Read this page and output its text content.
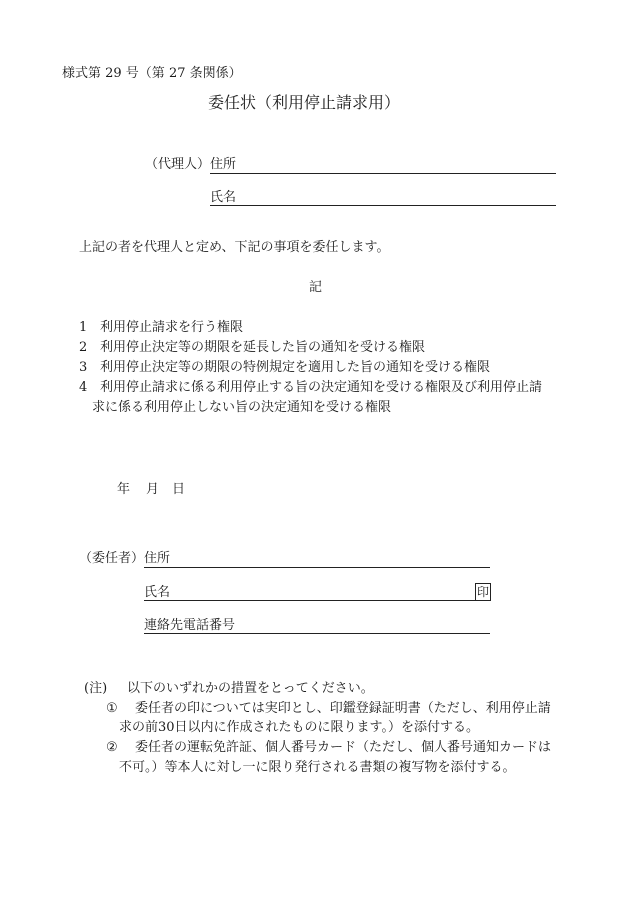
様式第 29 号（第 27 条関係）
委任状（利用停止請求用）
（代理人） 住所
氏名
上記の者を代理人と定め、下記の事項を委任します。
記
1 利用停止請求を行う権限
2 利用停止決定等の期限を延長した旨の通知を受ける権限
3 利用停止決定等の期限の特例規定を適用した旨の通知を受ける権限
4 利用停止請求に係る利用停止する旨の決定通知を受ける権限及び利用停止請
求に係る利用停止しない旨の決定通知を受ける権限
年 月 日
（委任者） 住所
氏名	印
連絡先電話番号
(注) 以下のいずれかの措置をとってください。
① 委任者の印については実印とし、印鑑登録証明書（ただし、利用停止請
求の前30日以内に作成されたものに限ります。）を添付する。
② 委任者の運転免許証、個人番号カード（ただし、個人番号通知カードは
不可。）等本人に対し一に限り発行される書類の複写物を添付する。
